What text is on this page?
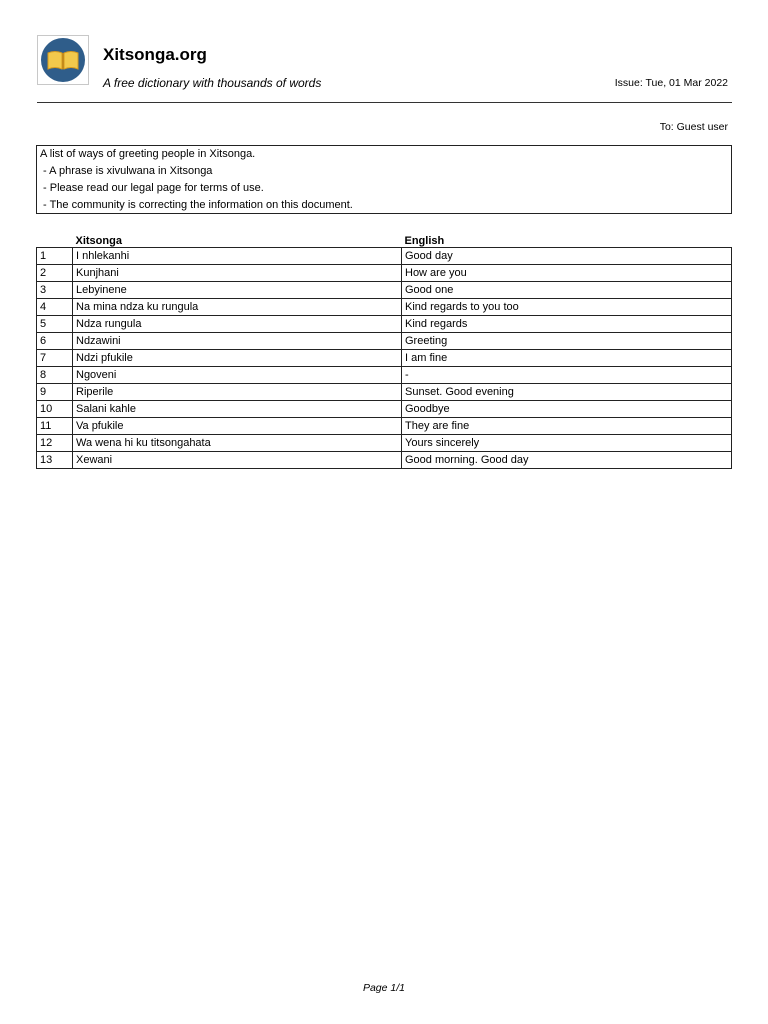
Xitsonga.org
A free dictionary with thousands of words	Issue: Tue, 01 Mar 2022
To: Guest user
A list of ways of greeting people in Xitsonga.
- A phrase is xivulwana in Xitsonga
- Please read our legal page for terms of use.
- The community is correcting the information on this document.
	Xitsonga	English
1	I nhlekanhi	Good day
2	Kunjhani	How are you
3	Lebyinene	Good one
4	Na mina ndza ku rungula	Kind regards to you too
5	Ndza rungula	Kind regards
6	Ndzawini	Greeting
7	Ndzi pfukile	I am fine
8	Ngoveni	-
9	Riperile	Sunset. Good evening
10	Salani kahle	Goodbye
11	Va pfukile	They are fine
12	Wa wena hi ku titsongahata	Yours sincerely
13	Xewani	Good morning. Good day
Page 1/1
